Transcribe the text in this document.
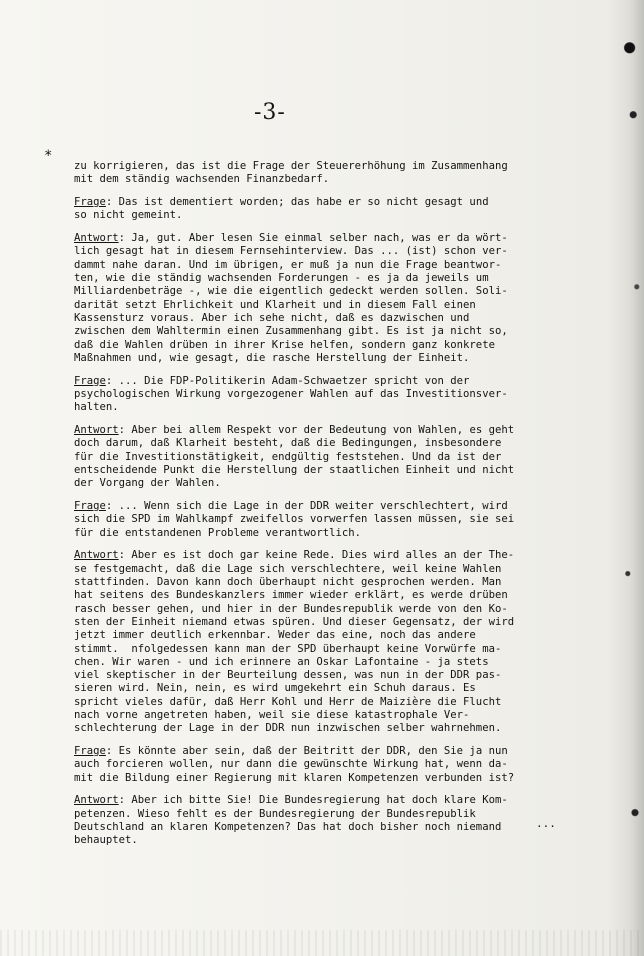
-3-
*

zu korrigieren, das ist die Frage der Steuererhöhung im Zusammenhang
mit dem ständig wachsenden Finanzbedarf.

Frage: Das ist dementiert worden; das habe er so nicht gesagt und
so nicht gemeint.

Antwort: Ja, gut. Aber lesen Sie einmal selber nach, was er da wört-
lich gesagt hat in diesem Fernsehinterview. Das ... (ist) schon ver-
dammt nahe daran. Und im übrigen, er muß ja nun die Frage beantwor-
ten, wie die ständig wachsenden Forderungen - es ja da jeweils um
Milliardenbeträge -, wie die eigentlich gedeckt werden sollen. Soli-
darität setzt Ehrlichkeit und Klarheit und in diesem Fall einen
Kassensturz voraus. Aber ich sehe nicht, daß es dazwischen und
zwischen dem Wahltermin einen Zusammenhang gibt. Es ist ja nicht so,
daß die Wahlen drüben in ihrer Krise helfen, sondern ganz konkrete
Maßnahmen und, wie gesagt, die rasche Herstellung der Einheit.

Frage: ... Die FDP-Politikerin Adam-Schwaetzer spricht von der
psychologischen Wirkung vorgezogener Wahlen auf das Investitionsver-
halten.

Antwort: Aber bei allem Respekt vor der Bedeutung von Wahlen, es geht
doch darum, daß Klarheit besteht, daß die Bedingungen, insbesondere
für die Investitionstätigkeit, endgültig feststehen. Und da ist der
entscheidende Punkt die Herstellung der staatlichen Einheit und nicht
der Vorgang der Wahlen.

Frage: ... Wenn sich die Lage in der DDR weiter verschlechtert, wird
sich die SPD im Wahlkampf zweifellos vorwerfen lassen müssen, sie sei
für die entstandenen Probleme verantwortlich.

Antwort: Aber es ist doch gar keine Rede. Dies wird alles an der The-
se festgemacht, daß die Lage sich verschlechtere, weil keine Wahlen
stattfinden. Davon kann doch überhaupt nicht gesprochen werden. Man
hat seitens des Bundeskanzlers immer wieder erklärt, es werde drüben
rasch besser gehen, und hier in der Bundesrepublik werde von den Ko-
sten der Einheit niemand etwas spüren. Und dieser Gegensatz, der wird
jetzt immer deutlich erkennbar. Weder das eine, noch das andere
stimmt.  nfolgedessen kann man der SPD überhaupt keine Vorwürfe ma-
chen. Wir waren - und ich erinnere an Oskar Lafontaine - ja stets
viel skeptischer in der Beurteilung dessen, was nun in der DDR pas-
sieren wird. Nein, nein, es wird umgekehrt ein Schuh daraus. Es
spricht vieles dafür, daß Herr Kohl und Herr de Maizière die Flucht
nach vorne angetreten haben, weil sie diese katastrophale Ver-
schlechterung der Lage in der DDR nun inzwischen selber wahrnehmen.

Frage: Es könnte aber sein, daß der Beitritt der DDR, den Sie ja nun
auch forcieren wollen, nur dann die gewünschte Wirkung hat, wenn da-
mit die Bildung einer Regierung mit klaren Kompetenzen verbunden ist?

Antwort: Aber ich bitte Sie! Die Bundesregierung hat doch klare Kom-
petenzen. Wieso fehlt es der Bundesregierung der Bundesrepublik
Deutschland an klaren Kompetenzen? Das hat doch bisher noch niemand
behauptet.

...
